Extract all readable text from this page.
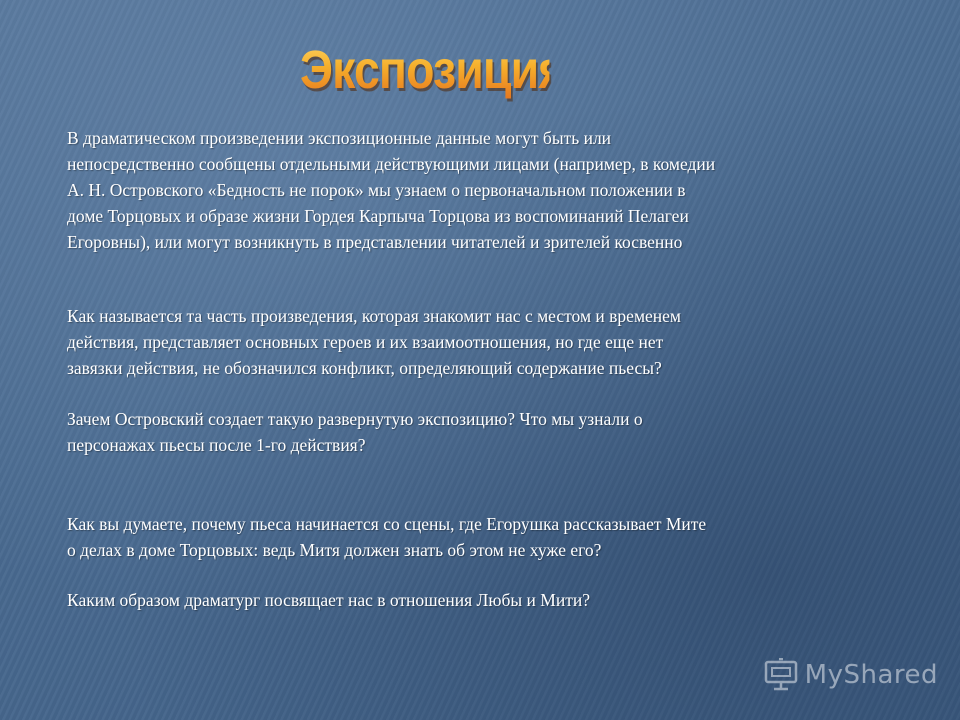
Экспозиция

В драматическом произведении экспозиционные данные могут быть или
непосредственно сообщены отдельными действующими лицами (например, в комедии
А. Н. Островского «Бедность не порок» мы узнаем о первоначальном положении в
доме Торцовых и образе жизни Гордея Карпыча Торцова из воспоминаний Пелагеи
Егоровны), или могут возникнуть в представлении читателей и зрителей косвенно

Как называется та часть произведения, которая знакомит нас с местом и временем
действия, представляет основных героев и их взаимоотношения, но где еще нет
завязки действия, не обозначился конфликт, определяющий содержание пьесы?

Зачем Островский создает такую развернутую экспозицию? Что мы узнали о
персонажах пьесы после 1-го действия?

Как вы думаете, почему пьеса начинается со сцены, где Егорушка рассказывает Мите
о делах в доме Торцовых: ведь Митя должен знать об этом не хуже его?

Каким образом драматург посвящает нас в отношения Любы и Мити?

MyShared
